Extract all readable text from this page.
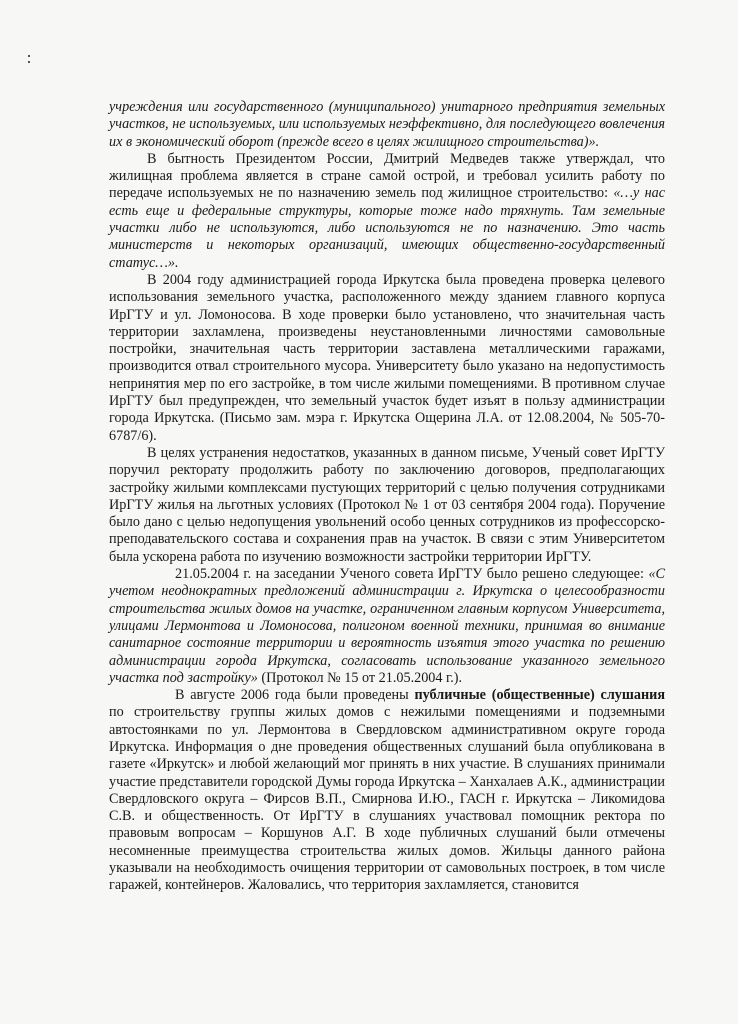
учреждения или государственного (муниципального) унитарного предприятия земельных участков, не используемых, или используемых неэффективно, для последующего вовлечения их в экономический оборот (прежде всего в целях жилищного строительства)».

В бытность Президентом России, Дмитрий Медведев также утверждал, что жилищная проблема является в стране самой острой, и требовал усилить работу по передаче используемых не по назначению земель под жилищное строительство: «…у нас есть еще и федеральные структуры, которые тоже надо тряхнуть. Там земельные участки либо не используются, либо используются не по назначению. Это часть министерств и некоторых организаций, имеющих общественно-государственный статус…».

В 2004 году администрацией города Иркутска была проведена проверка целевого использования земельного участка, расположенного между зданием главного корпуса ИрГТУ и ул. Ломоносова. В ходе проверки было установлено, что значительная часть территории захламлена, произведены неустановленными личностями самовольные постройки, значительная часть территории заставлена металлическими гаражами, производится отвал строительного мусора. Университету было указано на недопустимость непринятия мер по его застройке, в том числе жилыми помещениями. В противном случае ИрГТУ был предупрежден, что земельный участок будет изъят в пользу администрации города Иркутска. (Письмо зам. мэра г. Иркутска Ощерина Л.А. от 12.08.2004, № 505-70-6787/6).

В целях устранения недостатков, указанных в данном письме, Ученый совет ИрГТУ поручил ректорату продолжить работу по заключению договоров, предполагающих застройку жилыми комплексами пустующих территорий с целью получения сотрудниками ИрГТУ жилья на льготных условиях (Протокол № 1 от 03 сентября 2004 года). Поручение было дано с целью недопущения увольнений особо ценных сотрудников из профессорско-преподавательского состава и сохранения прав на участок. В связи с этим Университетом была ускорена работа по изучению возможности застройки территории ИрГТУ.

21.05.2004 г. на заседании Ученого совета ИрГТУ было решено следующее: «С учетом неоднократных предложений администрации г. Иркутска о целесообразности строительства жилых домов на участке, ограниченном главным корпусом Университета, улицами Лермонтова и Ломоносова, полигоном военной техники, принимая во внимание санитарное состояние территории и вероятность изъятия этого участка по решению администрации города Иркутска, согласовать использование указанного земельного участка под застройку» (Протокол № 15 от 21.05.2004 г.).

В августе 2006 года были проведены публичные (общественные) слушания по строительству группы жилых домов с нежилыми помещениями и подземными автостоянками по ул. Лермонтова в Свердловском административном округе города Иркутска. Информация о дне проведения общественных слушаний была опубликована в газете «Иркутск» и любой желающий мог принять в них участие. В слушаниях принимали участие представители городской Думы города Иркутска – Ханхалаев А.К., администрации Свердловского округа – Фирсов В.П., Смирнова И.Ю., ГАСН г. Иркутска – Ликомидова С.В. и общественность. От ИрГТУ в слушаниях участвовал помощник ректора по правовым вопросам – Коршунов А.Г. В ходе публичных слушаний были отмечены несомненные преимущества строительства жилых домов. Жильцы данного района указывали на необходимость очищения территории от самовольных построек, в том числе гаражей, контейнеров. Жаловались, что территория захламляется, становится
